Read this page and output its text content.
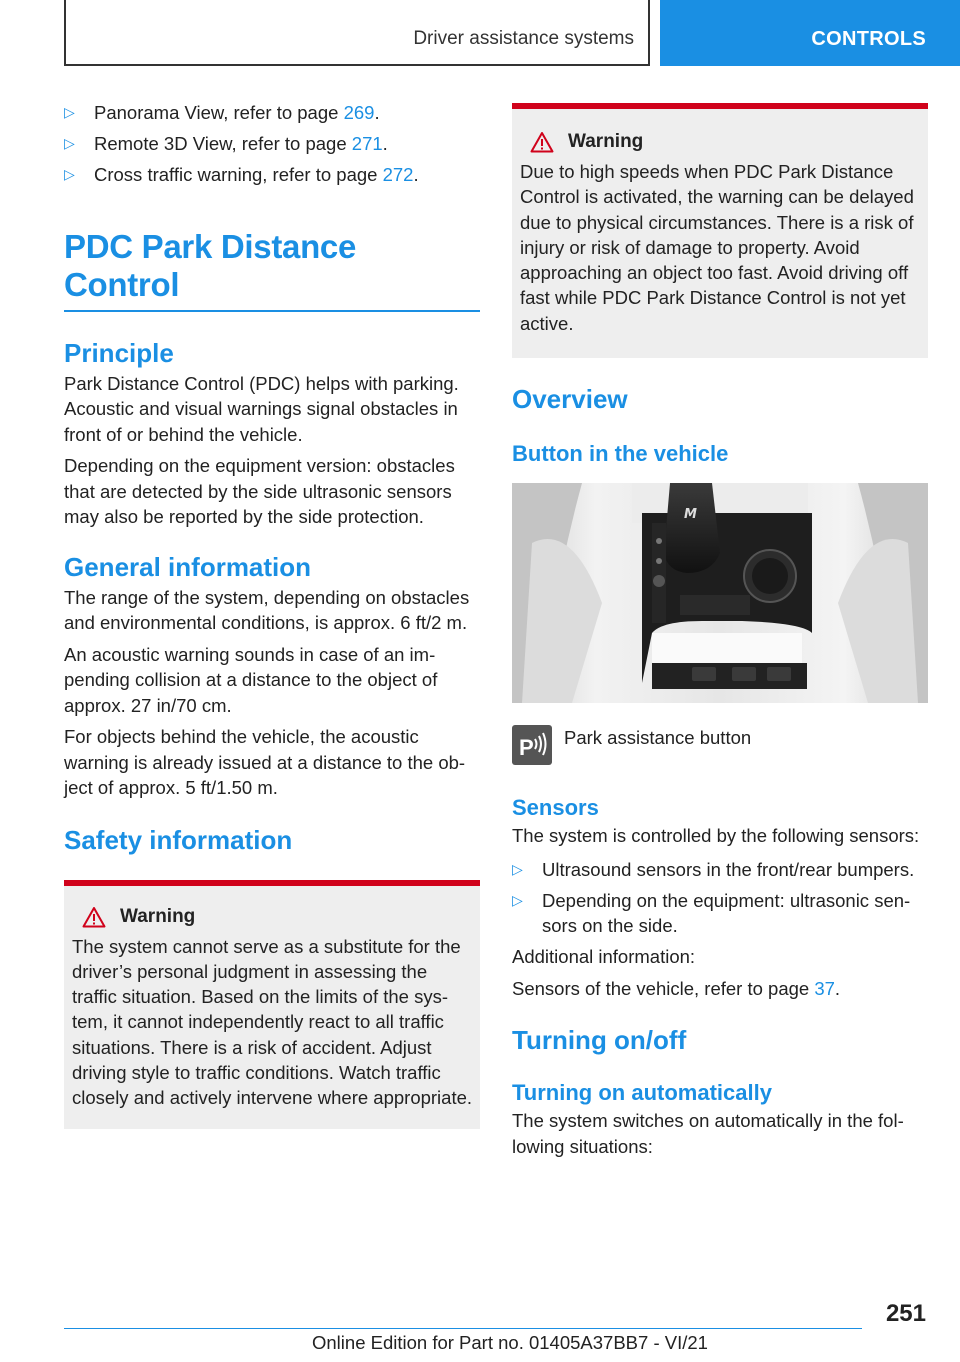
Driver assistance systems	CONTROLS
▷ Panorama View, refer to page 269.
▷ Remote 3D View, refer to page 271.
▷ Cross traffic warning, refer to page 272.
PDC Park Distance Control
Principle

Park Distance Control (PDC) helps with parking. Acoustic and visual warnings signal obstacles in front of or behind the vehicle.

Depending on the equipment version: obstacles that are detected by the side ultrasonic sensors may also be reported by the side protection.

General information

The range of the system, depending on obstacles and environmental conditions, is approx. 6 ft/2 m.

An acoustic warning sounds in case of an impending collision at a distance to the object of approx. 27 in/70 cm.

For objects behind the vehicle, the acoustic warning is already issued at a distance to the object of approx. 5 ft/1.50 m.

Safety information
Warning

The system cannot serve as a substitute for the driver’s personal judgment in assessing the traffic situation. Based on the limits of the system, it cannot independently react to all traffic situations. There is a risk of accident. Adjust driving style to traffic conditions. Watch traffic closely and actively intervene where appropriate.

Warning

Due to high speeds when PDC Park Distance Control is activated, the warning can be delayed due to physical circumstances. There is a risk of injury or risk of damage to property. Avoid approaching an object too fast. Avoid driving off fast while PDC Park Distance Control is not yet active.

Overview
Button in the vehicle
M
P Park assistance button
Sensors

The system is controlled by the following sensors:

▷ Ultrasound sensors in the front/rear bumpers.
▷ Depending on the equipment: ultrasonic sensors on the side.

Additional information:

Sensors of the vehicle, refer to page 37.

Turning on/off
Turning on automatically

The system switches on automatically in the following situations:

251
Online Edition for Part no. 01405A37BB7 - VI/21
